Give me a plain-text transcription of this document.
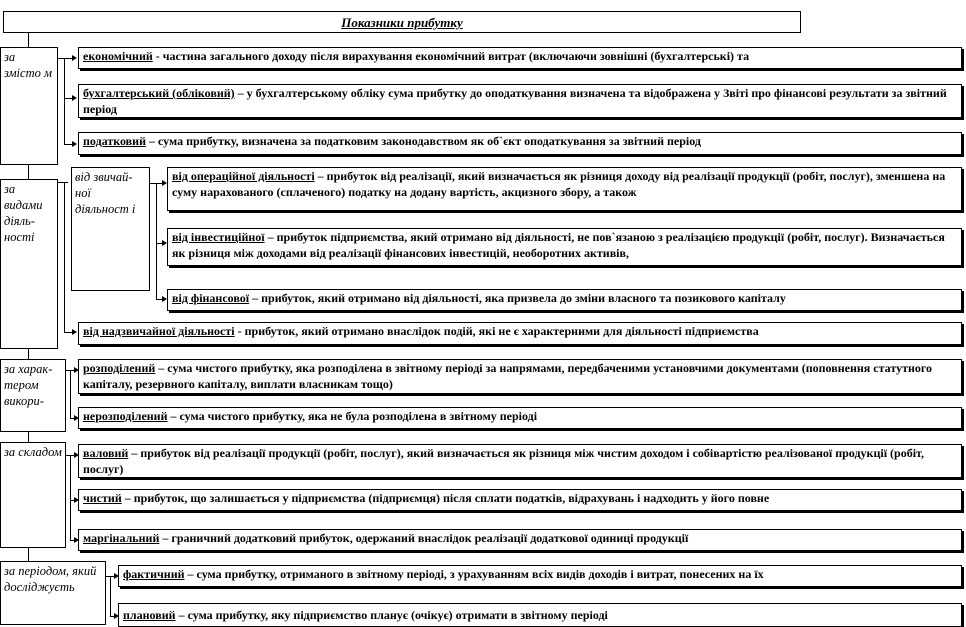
Показники прибутку
за змісто м
економічний - частина загального доходу після вирахування економічний витрат (включаючи зовнішні (бухгалтерські) та
бухгалтерський (обліковий) – у бухгалтерському обліку сума прибутку до оподаткування визначена та відображена у Звіті про фінансові результати за звітний період
податковий – сума прибутку, визначена за податковим законодавством як об`єкт оподаткування за звітний період
за видами діяль-ності
від звичай-ної діяльност і
від операційної діяльності – прибуток від реалізації, який визначається як різниця доходу від реалізації продукції (робіт, послуг), зменшена на суму нарахованого (сплаченого) податку на додану вартість, акцизного збору, а також
від інвестиційної – прибуток підприємства, який отримано від діяльності, не пов`язаною з реалізацією продукції (робіт, послуг). Визначається як різниця між доходами від реалізації фінансових інвестицій, необоротних активів,
від фінансової – прибуток, який отримано від діяльності, яка призвела до зміни власного та позикового капіталу
від надзвичайної діяльності - прибуток, який отримано внаслідок подій, які не є характерними для діяльності підприємства
за харак-тером викори-
розподілений – сума чистого прибутку, яка розподілена в звітному періоді за напрямами, передбаченими установчими документами (поповнення статутного капіталу, резервного капіталу, виплати власникам тощо)
нерозподілений – сума чистого прибутку, яка не була розподілена в звітному періоді
за складом	валовий – прибуток від реалізації продукції (робіт, послуг), який визначається як різниця між чистим доходом і собівартістю реалізованої продукції (робіт, послуг)
чистий – прибуток, що залишається у підприємства (підприємця) після сплати податків, відрахувань і надходить у його повне
маргінальний – граничний додатковий прибуток, одержаний внаслідок реалізації додаткової одиниці продукції
за періодом, який досліджуєть
фактичний – сума прибутку, отриманого в звітному періоді, з урахуванням всіх видів доходів і витрат, понесених на їх
плановий – сума прибутку, яку підприємство планує (очікує) отримати в звітному періоді
